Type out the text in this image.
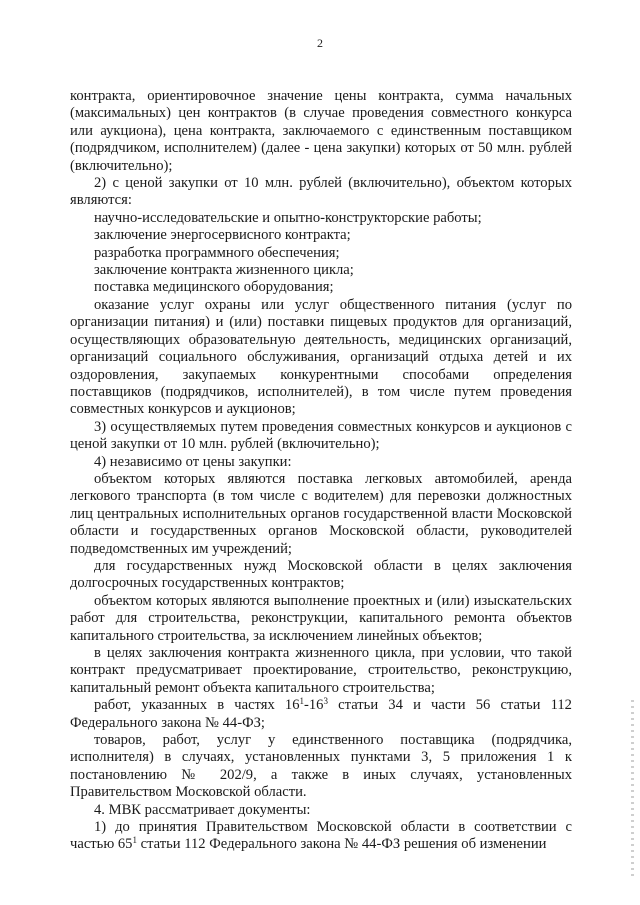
2

контракта, ориентировочное значение цены контракта, сумма начальных (максимальных) цен контрактов (в случае проведения совместного конкурса или аукциона), цена контракта, заключаемого с единственным поставщиком (подрядчиком, исполнителем) (далее - цена закупки) которых от 50 млн. рублей (включительно);

2) с ценой закупки от 10 млн. рублей (включительно), объектом которых являются:

научно-исследовательские и опытно-конструкторские работы;

заключение энергосервисного контракта;

разработка программного обеспечения;

заключение контракта жизненного цикла;

поставка медицинского оборудования;

оказание услуг охраны или услуг общественного питания (услуг по организации питания) и (или) поставки пищевых продуктов для организаций, осуществляющих образовательную деятельность, медицинских организаций, организаций социального обслуживания, организаций отдыха детей и их оздоровления, закупаемых конкурентными способами определения поставщиков (подрядчиков, исполнителей), в том числе путем проведения совместных конкурсов и аукционов;

3) осуществляемых путем проведения совместных конкурсов и аукционов с ценой закупки от 10 млн. рублей (включительно);

4) независимо от цены закупки:

объектом которых являются поставка легковых автомобилей, аренда легкового транспорта (в том числе с водителем) для перевозки должностных лиц центральных исполнительных органов государственной власти Московской области и государственных органов Московской области, руководителей подведомственных им учреждений;

для государственных нужд Московской области в целях заключения долгосрочных государственных контрактов;

объектом которых являются выполнение проектных и (или) изыскательских работ для строительства, реконструкции, капитального ремонта объектов капитального строительства, за исключением линейных объектов;

в целях заключения контракта жизненного цикла, при условии, что такой контракт предусматривает проектирование, строительство, реконструкцию, капитальный ремонт объекта капитального строительства;

работ, указанных в частях $16^1-16^3$ статьи 34 и части 56 статьи 112 Федерального закона № 44-ФЗ;

товаров, работ, услуг у единственного поставщика (подрядчика, исполнителя) в случаях, установленных пунктами 3, 5 приложения 1 к постановлению № 202/9, а также в иных случаях, установленных Правительством Московской области.

4. МВК рассматривает документы:

1) до принятия Правительством Московской области в соответствии с частью $65^1$ статьи 112 Федерального закона № 44-ФЗ решения об изменении
